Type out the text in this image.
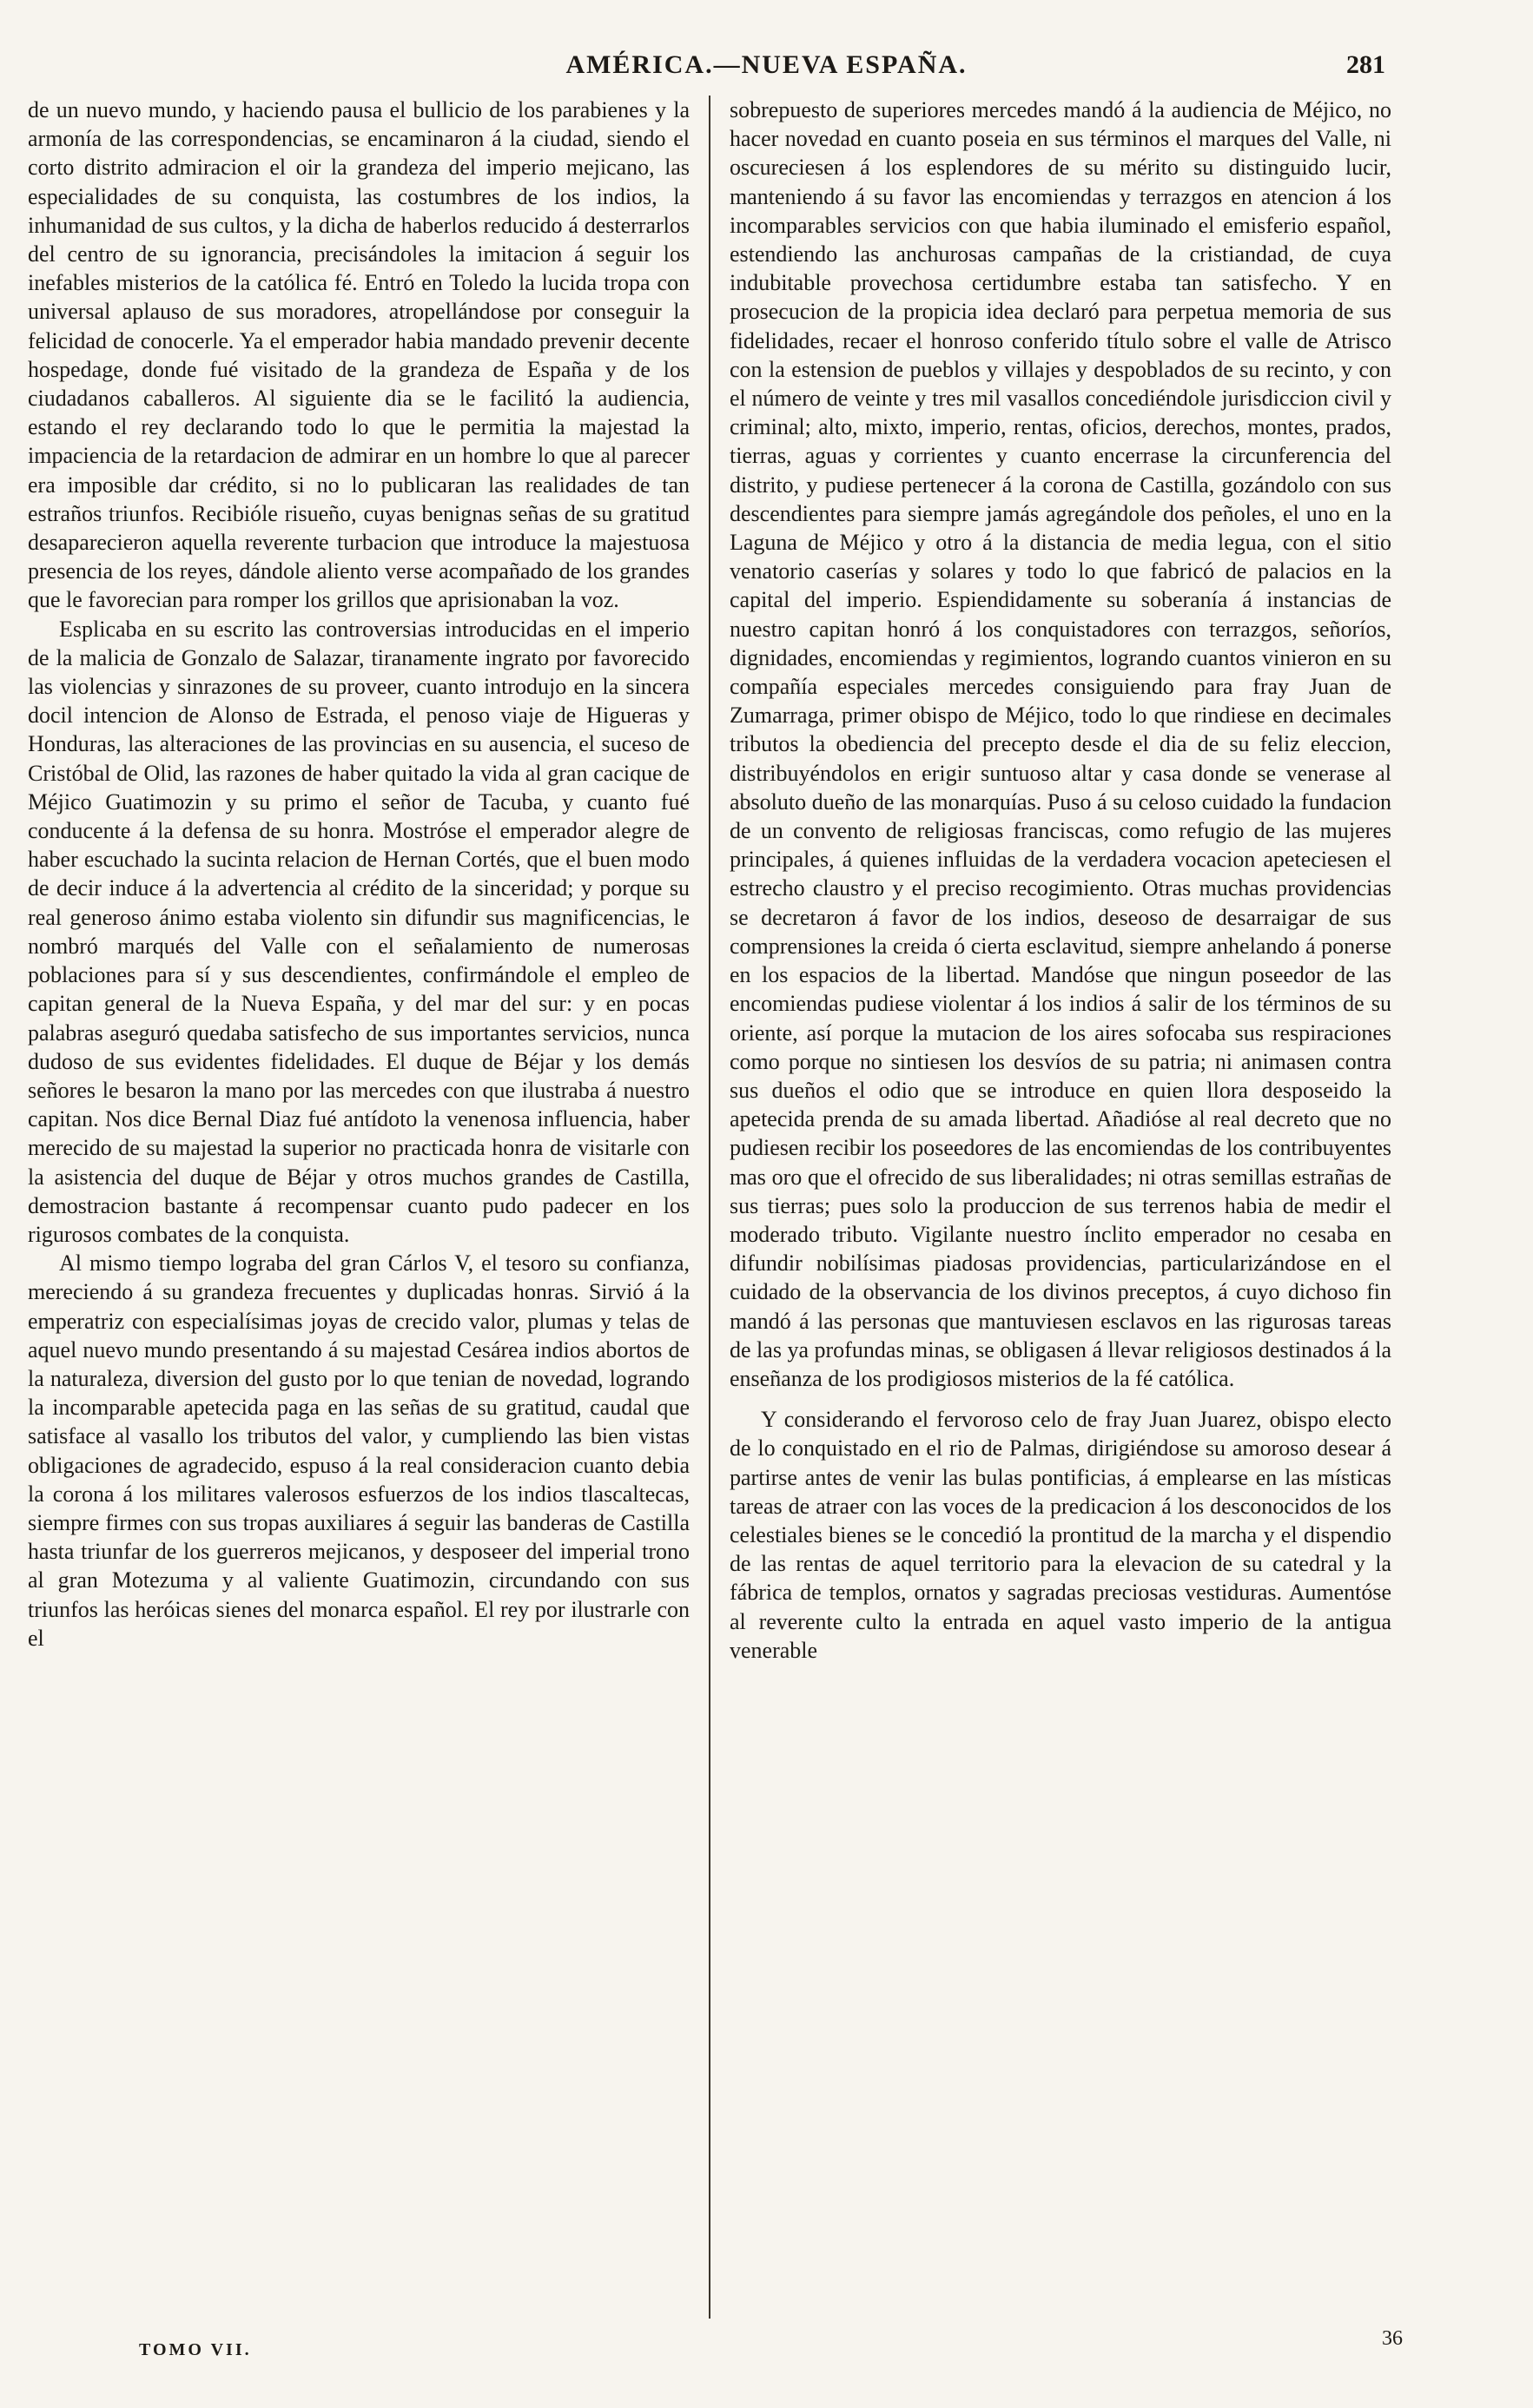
AMÉRICA.—NUEVA ESPAÑA.	281

de un nuevo mundo, y haciendo pausa el bullicio de los parabienes y la armonía de las correspondencias, se encaminaron á la ciudad, siendo el corto distrito admiracion el oir la grandeza del imperio mejicano, las especialidades de su conquista, las costumbres de los indios, la inhumanidad de sus cultos, y la dicha de haberlos reducido á desterrarlos del centro de su ignorancia, precisándoles la imitacion á seguir los inefables misterios de la católica fé. Entró en Toledo la lucida tropa con universal aplauso de sus moradores, atropellándose por conseguir la felicidad de conocerle. Ya el emperador habia mandado prevenir decente hospedage, donde fué visitado de la grandeza de España y de los ciudadanos caballeros. Al siguiente dia se le facilitó la audiencia, estando el rey declarando todo lo que le permitia la majestad la impaciencia de la retardacion de admirar en un hombre lo que al parecer era imposible dar crédito, si no lo publicaran las realidades de tan estraños triunfos. Recibióle risueño, cuyas benignas señas de su gratitud desaparecieron aquella reverente turbacion que introduce la majestuosa presencia de los reyes, dándole aliento verse acompañado de los grandes que le favorecian para romper los grillos que aprisionaban la voz.

Esplicaba en su escrito las controversias introducidas en el imperio de la malicia de Gonzalo de Salazar, tiranamente ingrato por favorecido las violencias y sinrazones de su proveer, cuanto introdujo en la sincera docil intencion de Alonso de Estrada, el penoso viaje de Higueras y Honduras, las alteraciones de las provincias en su ausencia, el suceso de Cristóbal de Olid, las razones de haber quitado la vida al gran cacique de Méjico Guatimozin y su primo el señor de Tacuba, y cuanto fué conducente á la defensa de su honra. Mostróse el emperador alegre de haber escuchado la sucinta relacion de Hernan Cortés, que el buen modo de decir induce á la advertencia al crédito de la sinceridad; y porque su real generoso ánimo estaba violento sin difundir sus magnificencias, le nombró marqués del Valle con el señalamiento de numerosas poblaciones para sí y sus descendientes, confirmándole el empleo de capitan general de la Nueva España, y del mar del sur: y en pocas palabras aseguró quedaba satisfecho de sus importantes servicios, nunca dudoso de sus evidentes fidelidades. El duque de Béjar y los demás señores le besaron la mano por las mercedes con que ilustraba á nuestro capitan. Nos dice Bernal Diaz fué antídoto la venenosa influencia, haber merecido de su majestad la superior no practicada honra de visitarle con la asistencia del duque de Béjar y otros muchos grandes de Castilla, demostracion bastante á recompensar cuanto pudo padecer en los rigurosos combates de la conquista.

Al mismo tiempo lograba del gran Cárlos V, el tesoro su confianza, mereciendo á su grandeza frecuentes y duplicadas honras. Sirvió á la emperatriz con especialísimas joyas de crecido valor, plumas y telas de aquel nuevo mundo presentando á su majestad Cesárea indios abortos de la naturaleza, diversion del gusto por lo que tenian de novedad, logrando la incomparable apetecida paga en las señas de su gratitud, caudal que satisface al vasallo los tributos del valor, y cumpliendo las bien vistas obligaciones de agradecido, espuso á la real consideracion cuanto debia la corona á los militares valerosos esfuerzos de los indios tlascaltecas, siempre firmes con sus tropas auxiliares á seguir las banderas de Castilla hasta triunfar de los guerreros mejicanos, y desposeer del imperial trono al gran Motezuma y al valiente Guatimozin, circundando con sus triunfos las heróicas sienes del monarca español. El rey por ilustrarle con el

sobrepuesto de superiores mercedes mandó á la audiencia de Méjico, no hacer novedad en cuanto poseia en sus términos el marques del Valle, ni oscureciesen á los esplendores de su mérito su distinguido lucir, manteniendo á su favor las encomiendas y terrazgos en atencion á los incomparables servicios con que habia iluminado el emisferio español, estendiendo las anchurosas campañas de la cristiandad, de cuya indubitable provechosa certidumbre estaba tan satisfecho. Y en prosecucion de la propicia idea declaró para perpetua memoria de sus fidelidades, recaer el honroso conferido título sobre el valle de Atrisco con la estension de pueblos y villajes y despoblados de su recinto, y con el número de veinte y tres mil vasallos concediéndole jurisdiccion civil y criminal; alto, mixto, imperio, rentas, oficios, derechos, montes, prados, tierras, aguas y corrientes y cuanto encerrase la circunferencia del distrito, y pudiese pertenecer á la corona de Castilla, gozándolo con sus descendientes para siempre jamás agregándole dos peñoles, el uno en la Laguna de Méjico y otro á la distancia de media legua, con el sitio venatorio caserías y solares y todo lo que fabricó de palacios en la capital del imperio. Espiendidamente su soberanía á instancias de nuestro capitan honró á los conquistadores con terrazgos, señoríos, dignidades, encomiendas y regimientos, logrando cuantos vinieron en su compañía especiales mercedes consiguiendo para fray Juan de Zumarraga, primer obispo de Méjico, todo lo que rindiese en decimales tributos la obediencia del precepto desde el dia de su feliz eleccion, distribuyéndolos en erigir suntuoso altar y casa donde se venerase al absoluto dueño de las monarquías. Puso á su celoso cuidado la fundacion de un convento de religiosas franciscas, como refugio de las mujeres principales, á quienes influidas de la verdadera vocacion apeteciesen el estrecho claustro y el preciso recogimiento. Otras muchas providencias se decretaron á favor de los indios, deseoso de desarraigar de sus comprensiones la creida ó cierta esclavitud, siempre anhelando á ponerse en los espacios de la libertad. Mandóse que ningun poseedor de las encomiendas pudiese violentar á los indios á salir de los términos de su oriente, así porque la mutacion de los aires sofocaba sus respiraciones como porque no sintiesen los desvíos de su patria; ni animasen contra sus dueños el odio que se introduce en quien llora desposeido la apetecida prenda de su amada libertad. Añadióse al real decreto que no pudiesen recibir los poseedores de las encomiendas de los contribuyentes mas oro que el ofrecido de sus liberalidades; ni otras semillas estrañas de sus tierras; pues solo la produccion de sus terrenos habia de medir el moderado tributo. Vigilante nuestro ínclito emperador no cesaba en difundir nobilísimas piadosas providencias, particularizándose en el cuidado de la observancia de los divinos preceptos, á cuyo dichoso fin mandó á las personas que mantuviesen esclavos en las rigurosas tareas de las ya profundas minas, se obligasen á llevar religiosos destinados á la enseñanza de los prodigiosos misterios de la fé católica.

Y considerando el fervoroso celo de fray Juan Juarez, obispo electo de lo conquistado en el rio de Palmas, dirigiéndose su amoroso desear á partirse antes de venir las bulas pontificias, á emplearse en las místicas tareas de atraer con las voces de la predicacion á los desconocidos de los celestiales bienes se le concedió la prontitud de la marcha y el dispendio de las rentas de aquel territorio para la elevacion de su catedral y la fábrica de templos, ornatos y sagradas preciosas vestiduras. Aumentóse al reverente culto la entrada en aquel vasto imperio de la antigua venerable

TOMO VII.	36
